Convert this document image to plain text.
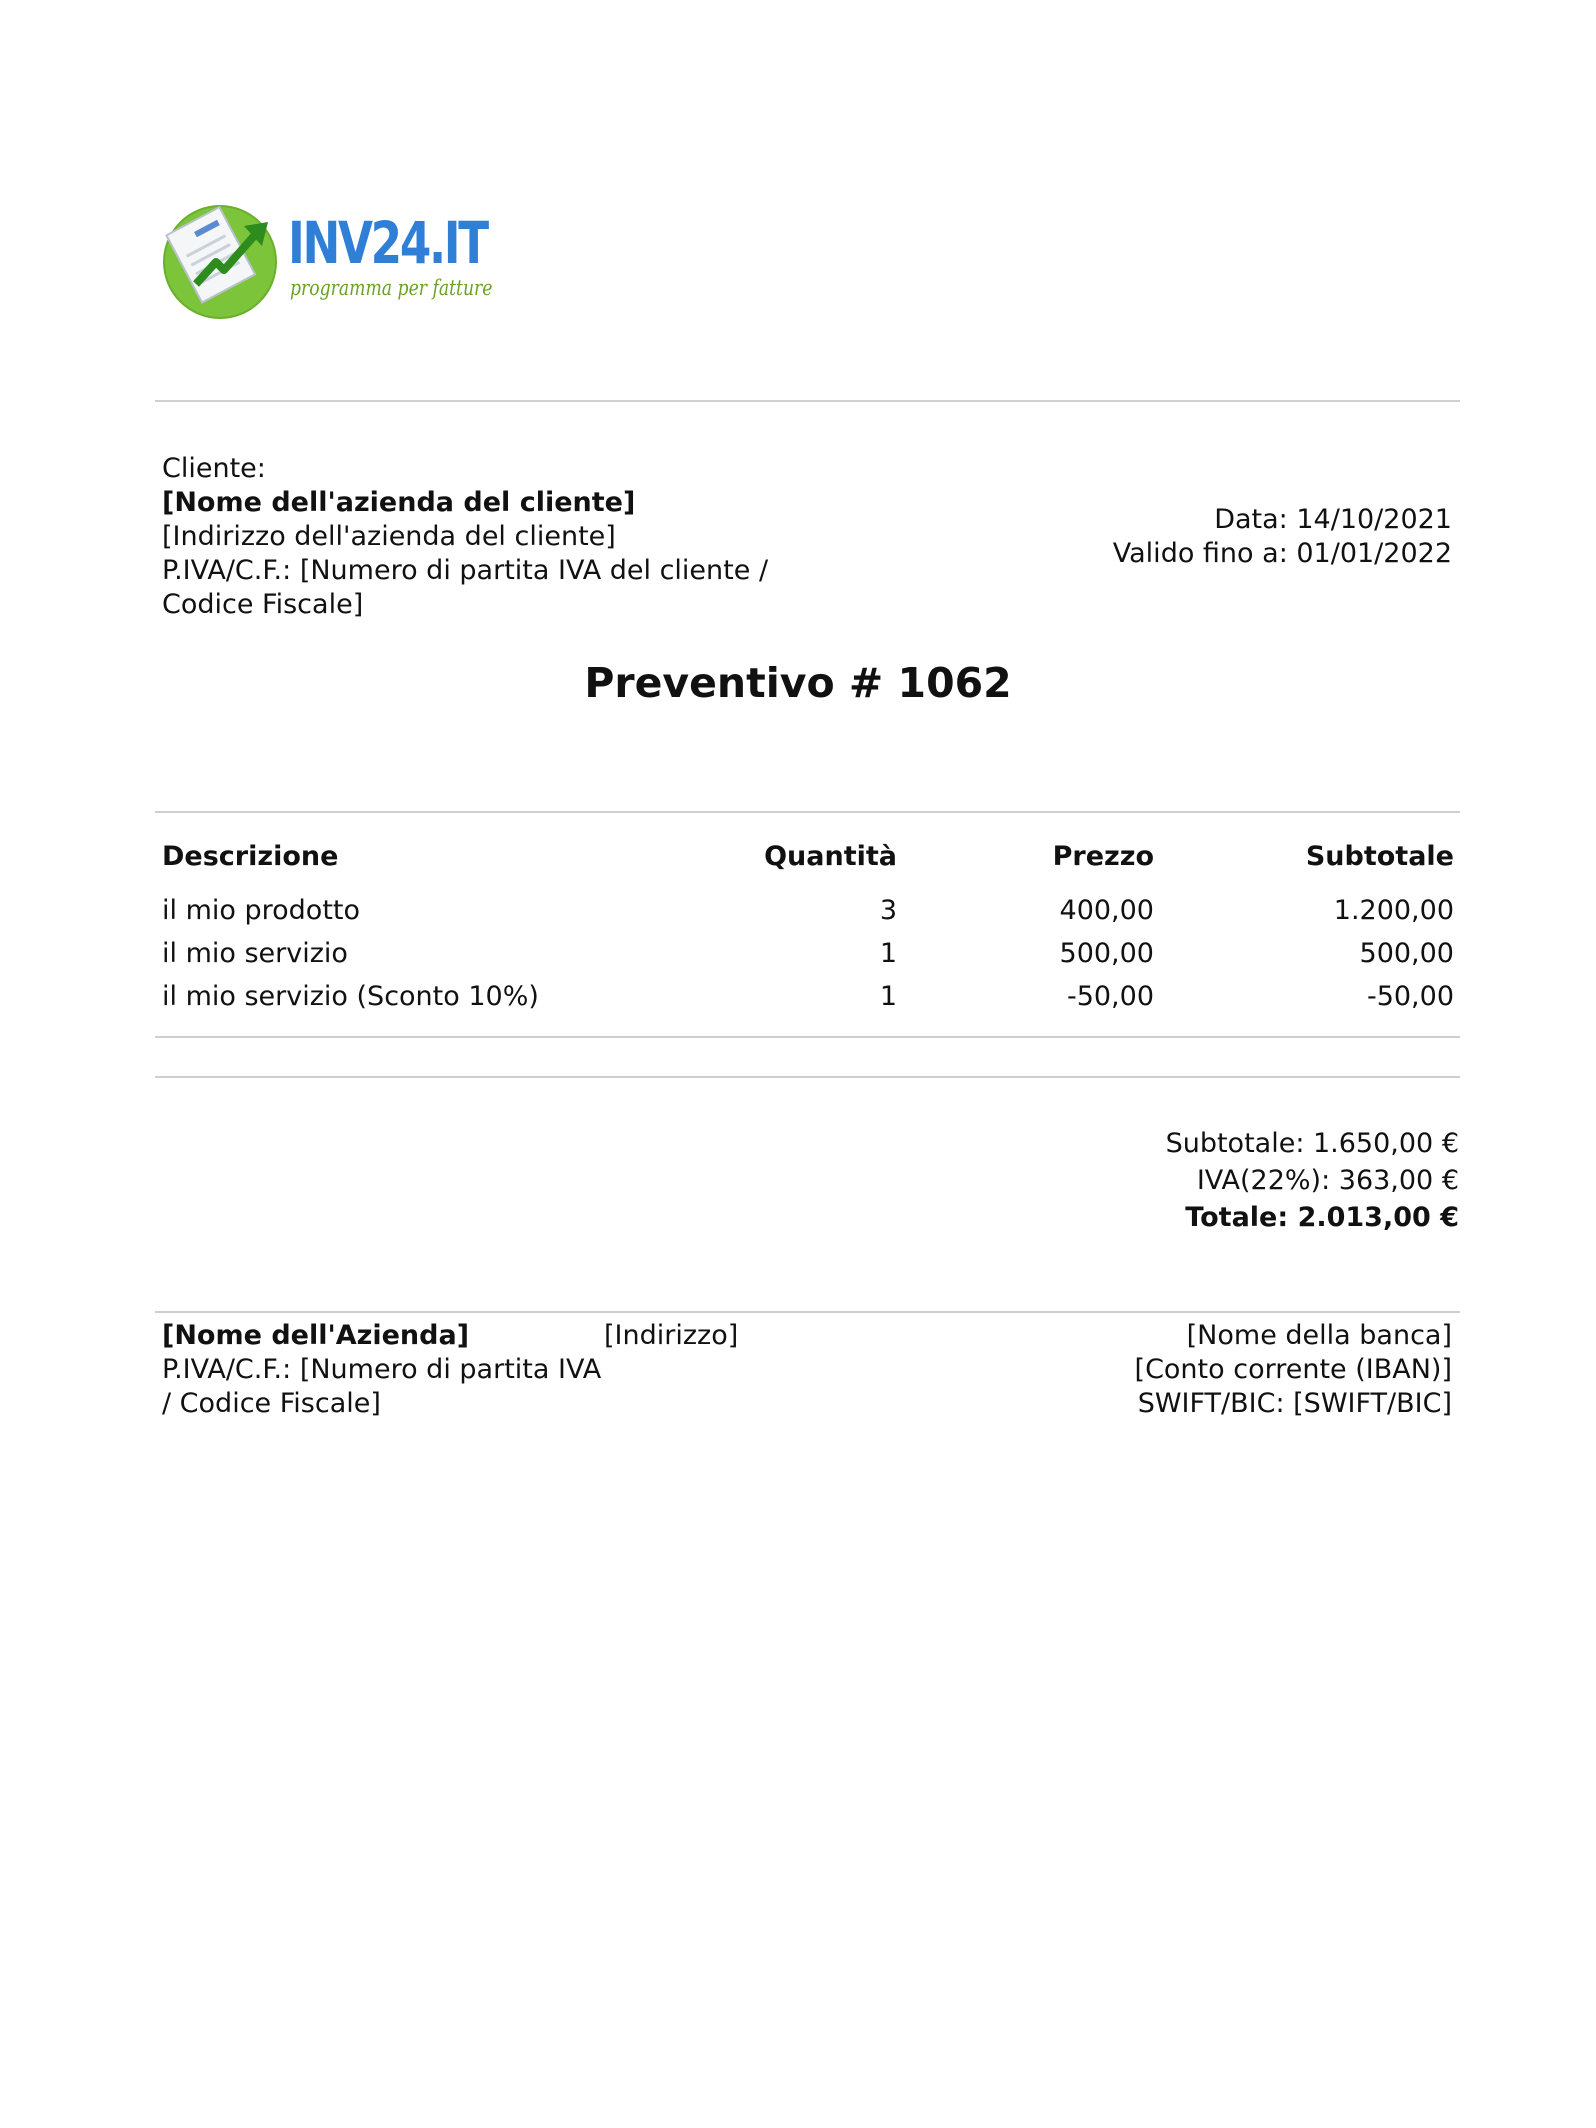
INV24.IT
programma per fatture
Cliente:
[Nome dell'azienda del cliente]
[Indirizzo dell'azienda del cliente]
P.IVA/C.F.: [Numero di partita IVA del cliente /
Codice Fiscale]
Data: 14/10/2021
Valido fino a: 01/01/2022
Preventivo # 1062
Descrizione	Quantità	Prezzo	Subtotale
il mio prodotto	3	400,00	1.200,00
il mio servizio	1	500,00	500,00
il mio servizio (Sconto 10%)	1	-50,00	-50,00
Subtotale: 1.650,00 €
IVA(22%): 363,00 €
Totale: 2.013,00 €
[Nome dell'Azienda]
P.IVA/C.F.: [Numero di partita IVA
/ Codice Fiscale]
[Indirizzo]	[Nome della banca]
[Conto corrente (IBAN)]
SWIFT/BIC: [SWIFT/BIC]
